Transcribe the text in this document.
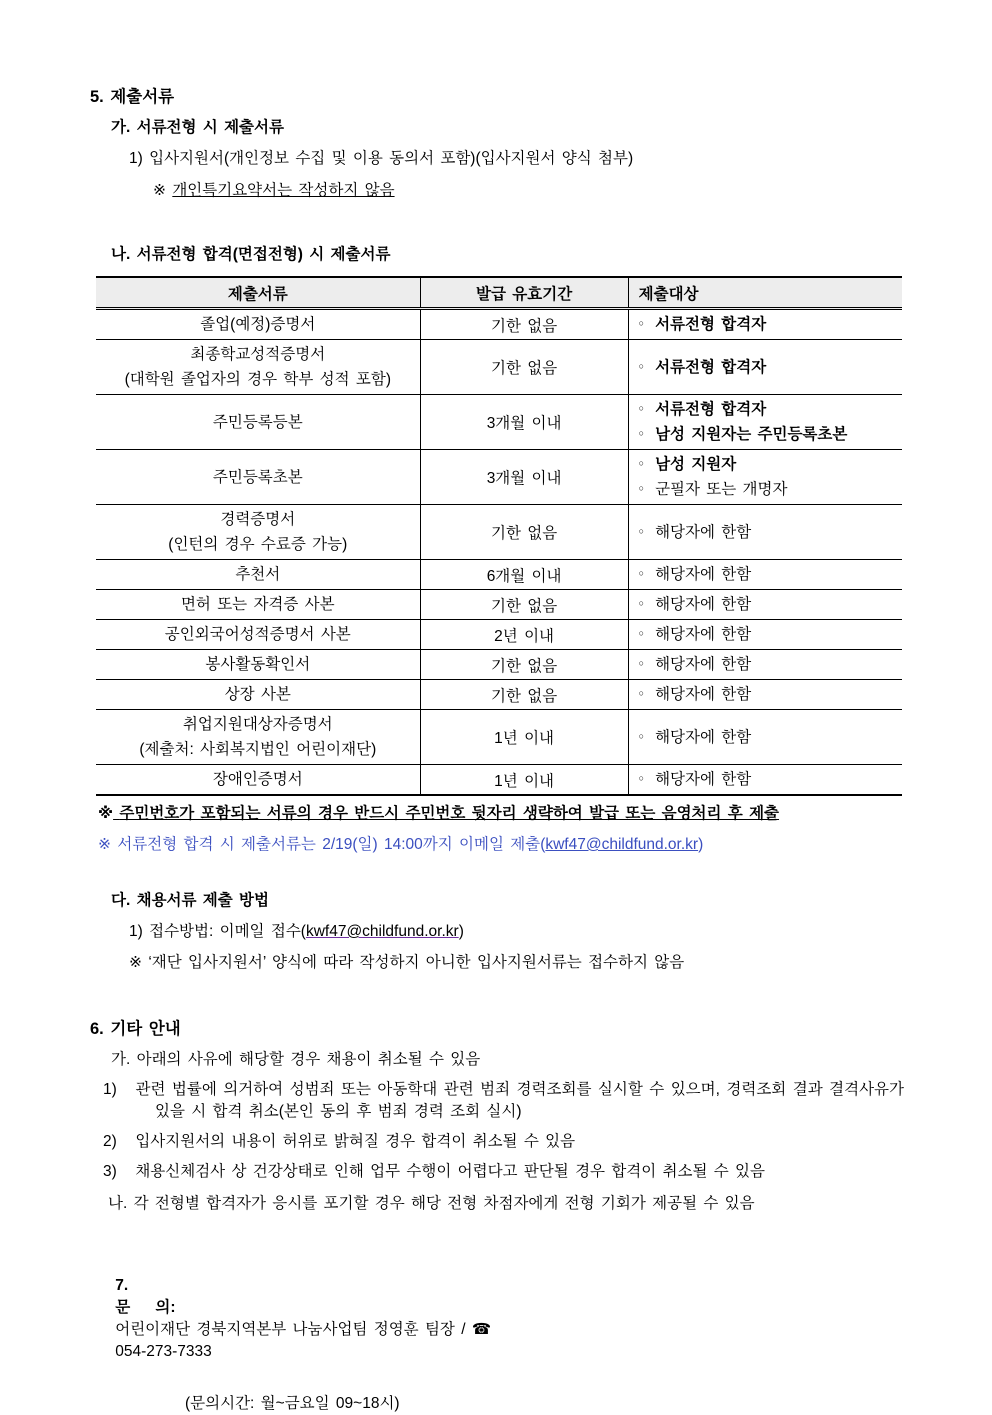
5. 제출서류
가. 서류전형 시 제출서류
1) 입사지원서(개인정보 수집 및 이용 동의서 포함)(입사지원서 양식 첨부)
※ 개인특기요약서는 작성하지 않음
나. 서류전형 합격(면접전형) 시 제출서류
제출서류	발급 유효기간	제출대상

졸업(예정)증명서	기한 없음	○ 서류전형 합격자

최종학교성적증명서
(대학원 졸업자의 경우 학부 성적 포함)
	기한 없음	○ 서류전형 합격자

주민등록등본	3개월 이내	○ 서류전형 합격자
○ 남성 지원자는 주민등록초본

주민등록초본	3개월 이내	○ 남성 지원자
○ 군필자 또는 개명자

경력증명서
(인턴의 경우 수료증 가능)
	기한 없음	○ 해당자에 한함

추천서	6개월 이내	○ 해당자에 한함

면허 또는 자격증 사본	기한 없음	○ 해당자에 한함

공인외국어성적증명서 사본	2년 이내	○ 해당자에 한함

봉사활동확인서	기한 없음	○ 해당자에 한함

상장 사본	기한 없음	○ 해당자에 한함

취업지원대상자증명서
(제출처: 사회복지법인 어린이재단)
	1년 이내	○ 해당자에 한함

장애인증명서	1년 이내	○ 해당자에 한함
※ 주민번호가 포함되는 서류의 경우 반드시 주민번호 뒷자리 생략하여 발급 또는 음영처리 후 제출
※ 서류전형 합격 시 제출서류는 2/19(일) 14:00까지 이메일 제출(kwf47@childfund.or.kr)
다. 채용서류 제출 방법
1) 접수방법: 이메일 접수(kwf47@childfund.or.kr)
※ ‘재단 입사지원서’ 양식에 따라 작성하지 아니한 입사지원서류는 접수하지 않음
6. 기타 안내
가. 아래의 사유에 해당할 경우 채용이 취소될 수 있음
1) 관련 법률에 의거하여 성범죄 또는 아동학대 관련 범죄 경력조회를 실시할 수 있으며, 경력조회 결과 결격사유가 있을 시 합격 취소(본인 동의 후 범죄 경력 조회 실시)
2) 입사지원서의 내용이 허위로 밝혀질 경우 합격이 취소될 수 있음
3) 채용신체검사 상 건강상태로 인해 업무 수행이 어렵다고 판단될 경우 합격이 취소될 수 있음
나. 각 전형별 합격자가 응시를 포기할 경우 해당 전형 차점자에게 전형 기회가 제공될 수 있음

7.
문    의:
어린이재단 경북지역본부 나눔사업팀 정영훈 팀장 / ☎
054-273-7333

(문의시간: 월~금요일 09~18시)
